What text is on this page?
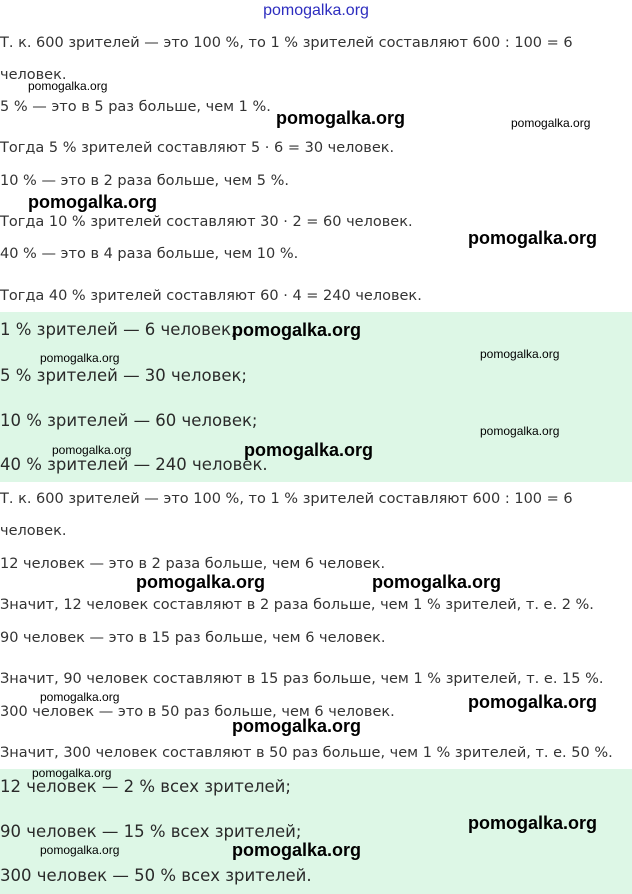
pomogalka.org
Т. к. 600 зрителей — это 100 %, то 1 % зрителей составляют 600 : 100 = 6
человек.
5 % — это в 5 раз больше, чем 1 %.
Тогда 5 % зрителей составляют 5 · 6 = 30 человек.
10 % — это в 2 раза больше, чем 5 %.
Тогда 10 % зрителей составляют 30 · 2 = 60 человек.
40 % — это в 4 раза больше, чем 10 %.
Тогда 40 % зрителей составляют 60 · 4 = 240 человек.
1 % зрителей — 6 человек;
5 % зрителей — 30 человек;
10 % зрителей — 60 человек;
40 % зрителей — 240 человек.
Т. к. 600 зрителей — это 100 %, то 1 % зрителей составляют 600 : 100 = 6
человек.
12 человек — это в 2 раза больше, чем 6 человек.
Значит, 12 человек составляют в 2 раза больше, чем 1 % зрителей, т. е. 2 %.
90 человек — это в 15 раз больше, чем 6 человек.
Значит, 90 человек составляют в 15 раз больше, чем 1 % зрителей, т. е. 15 %.
300 человек — это в 50 раз больше, чем 6 человек.
Значит, 300 человек составляют в 50 раз больше, чем 1 % зрителей, т. е. 50 %.
12 человек — 2 % всех зрителей;
90 человек — 15 % всех зрителей;
300 человек — 50 % всех зрителей.
pomogalka.org
pomogalka.org	pomogalka.org
pomogalka.org
pomogalka.org
pomogalka.org
pomogalka.org	pomogalka.org
pomogalka.org
pomogalka.org	pomogalka.org
pomogalka.org	pomogalka.org
pomogalka.org	pomogalka.org
pomogalka.org
pomogalka.org
pomogalka.org
pomogalka.org	pomogalka.org
